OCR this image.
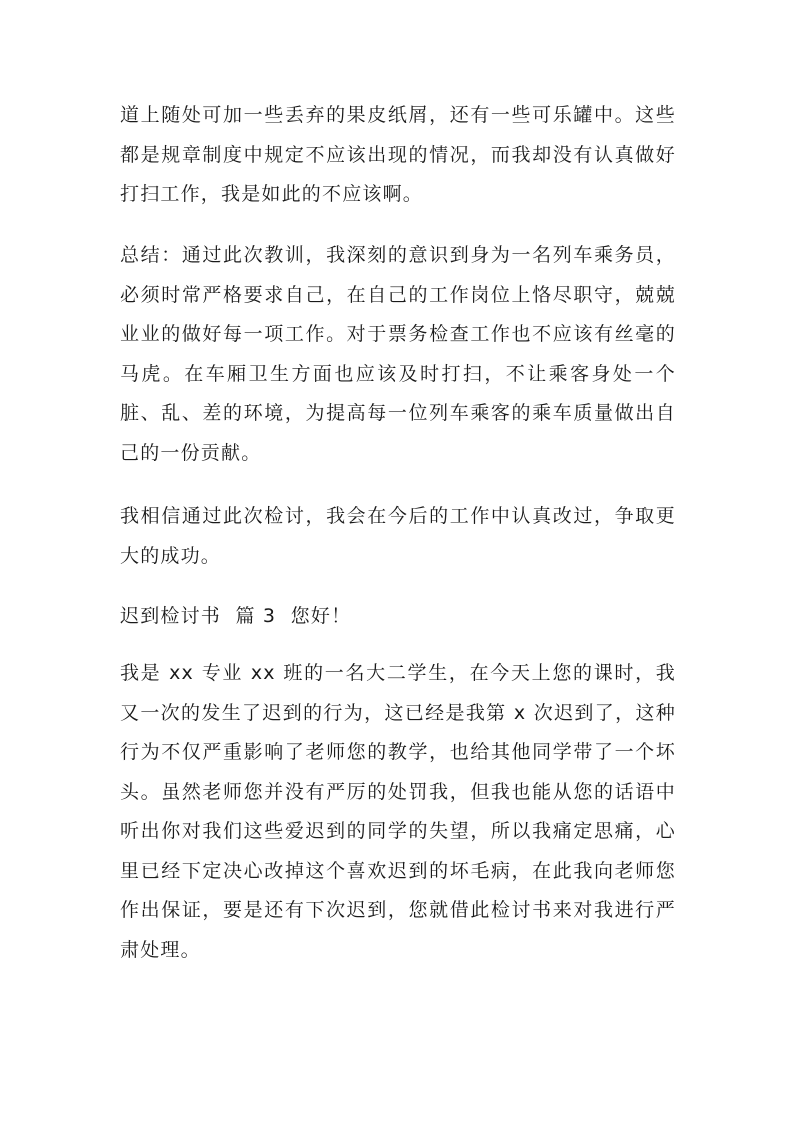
道上随处可加一些丢弃的果皮纸屑，还有一些可乐罐中。这些都是规章制度中规定不应该出现的情况，而我却没有认真做好打扫工作，我是如此的不应该啊。

总结：通过此次教训，我深刻的意识到身为一名列车乘务员，必须时常严格要求自己，在自己的工作岗位上恪尽职守，兢兢业业的做好每一项工作。对于票务检查工作也不应该有丝毫的马虎。在车厢卫生方面也应该及时打扫，不让乘客身处一个脏、乱、差的环境，为提高每一位列车乘客的乘车质量做出自己的一份贡献。

我相信通过此次检讨，我会在今后的工作中认真改过，争取更大的成功。

迟到检讨书  篇 3  您好！

我是 xx 专业 xx 班的一名大二学生，在今天上您的课时，我又一次的发生了迟到的行为，这已经是我第 x 次迟到了，这种行为不仅严重影响了老师您的教学，也给其他同学带了一个坏头。虽然老师您并没有严厉的处罚我，但我也能从您的话语中听出你对我们这些爱迟到的同学的失望，所以我痛定思痛，心里已经下定决心改掉这个喜欢迟到的坏毛病，在此我向老师您作出保证，要是还有下次迟到，您就借此检讨书来对我进行严肃处理。
